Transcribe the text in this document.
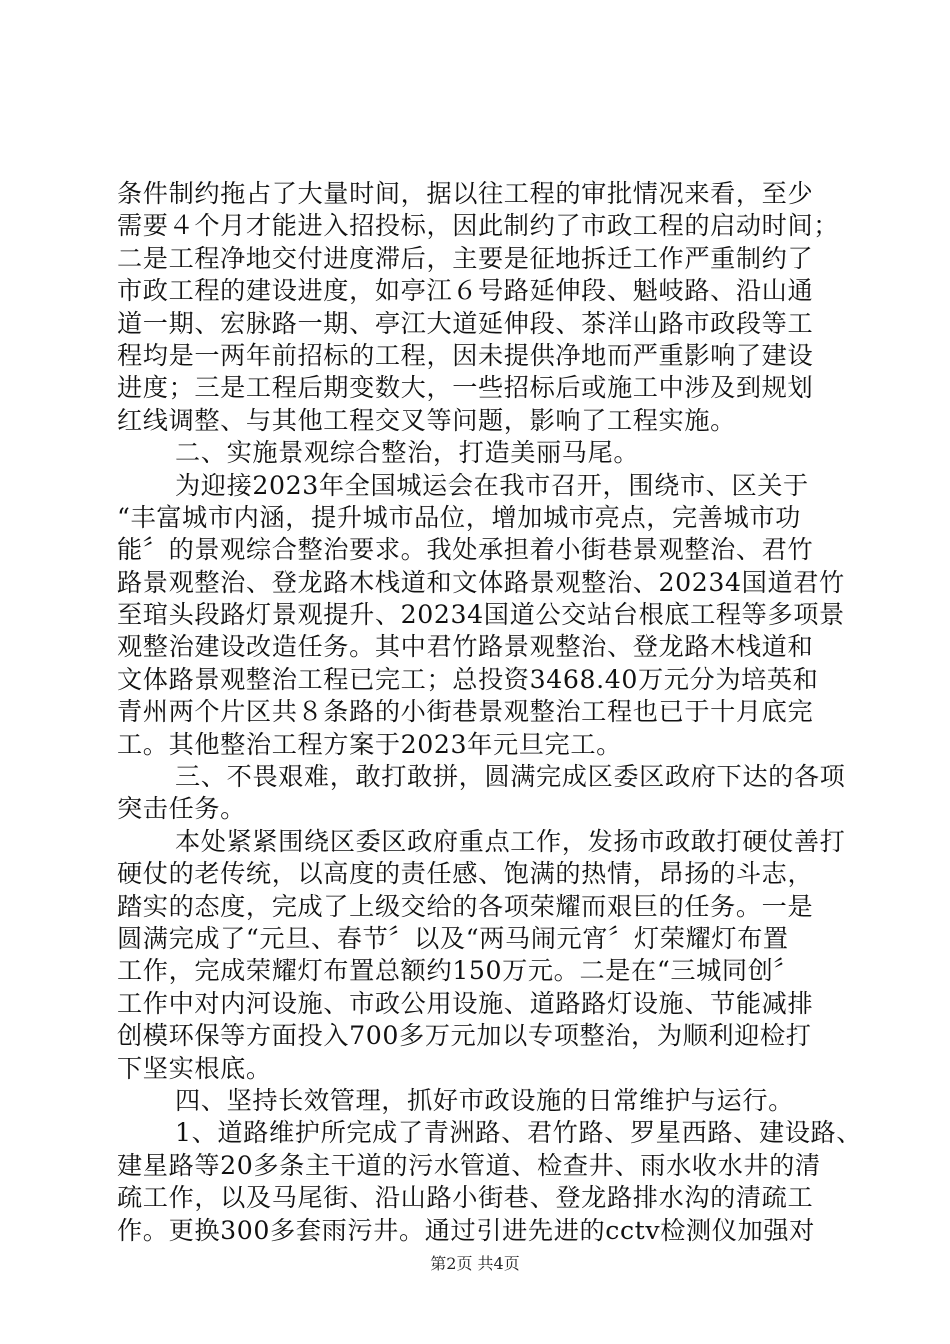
条件制约拖占了大量时间，据以往工程的审批情况来看，至少
需要４个月才能进入招投标，因此制约了市政工程的启动时间；
二是工程净地交付进度滞后，主要是征地拆迁工作严重制约了
市政工程的建设进度，如亭江６号路延伸段、魁岐路、沿山通
道一期、宏脉路一期、亭江大道延伸段、茶洋山路市政段等工
程均是一两年前招标的工程，因未提供净地而严重影响了建设
进度；三是工程后期变数大，一些招标后或施工中涉及到规划
红线调整、与其他工程交叉等问题，影响了工程实施。
二、实施景观综合整治，打造美丽马尾。
为迎接2023年全国城运会在我市召开，围绕市、区关于
“丰富城市内涵，提升城市品位，增加城市亮点，完善城市功
能〞的景观综合整治要求。我处承担着小街巷景观整治、君竹
路景观整治、登龙路木栈道和文体路景观整治、20234国道君竹
至琯头段路灯景观提升、20234国道公交站台根底工程等多项景
观整治建设改造任务。其中君竹路景观整治、登龙路木栈道和
文体路景观整治工程已完工；总投资3468.40万元分为培英和
青州两个片区共８条路的小街巷景观整治工程也已于十月底完
工。其他整治工程方案于2023年元旦完工。
三、不畏艰难，敢打敢拼，圆满完成区委区政府下达的各项
突击任务。
本处紧紧围绕区委区政府重点工作，发扬市政敢打硬仗善打
硬仗的老传统，以高度的责任感、饱满的热情，昂扬的斗志，
踏实的态度，完成了上级交给的各项荣耀而艰巨的任务。一是
圆满完成了“元旦、春节〞以及“两马闹元宵〞灯荣耀灯布置
工作，完成荣耀灯布置总额约150万元。二是在“三城同创〞
工作中对内河设施、市政公用设施、道路路灯设施、节能减排
创模环保等方面投入700多万元加以专项整治，为顺利迎检打
下坚实根底。
四、坚持长效管理，抓好市政设施的日常维护与运行。
1、道路维护所完成了青洲路、君竹路、罗星西路、建设路、
建星路等20多条主干道的污水管道、检查井、雨水收水井的清
疏工作，以及马尾街、沿山路小街巷、登龙路排水沟的清疏工
作。更换300多套雨污井。通过引进先进的cctv检测仪加强对
第2页 共4页
